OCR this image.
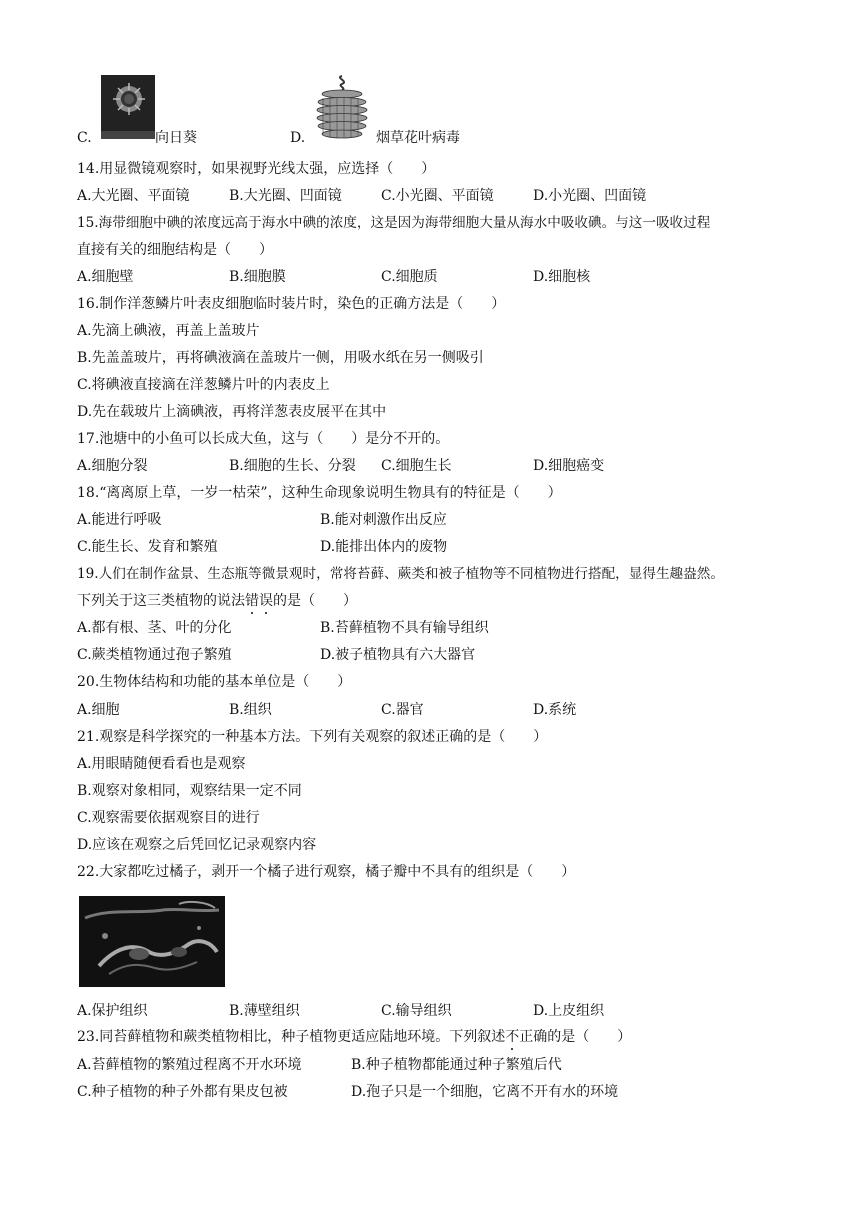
C.	向日葵	D.	烟草花叶病毒
14.用显微镜观察时，如果视野光线太强，应选择（　　）
A.大光圈、平面镜	B.大光圈、凹面镜	C.小光圈、平面镜	D.小光圈、凹面镜
15.海带细胞中碘的浓度远高于海水中碘的浓度，这是因为海带细胞大量从海水中吸收碘。与这一吸收过程
直接有关的细胞结构是（　　）
A.细胞壁	B.细胞膜	C.细胞质	D.细胞核
16.制作洋葱鳞片叶表皮细胞临时装片时，染色的正确方法是（　　）
A.先滴上碘液，再盖上盖玻片
B.先盖盖玻片，再将碘液滴在盖玻片一侧，用吸水纸在另一侧吸引
C.将碘液直接滴在洋葱鳞片叶的内表皮上
D.先在载玻片上滴碘液，再将洋葱表皮展平在其中
17.池塘中的小鱼可以长成大鱼，这与（　　）是分不开的。
A.细胞分裂	B.细胞的生长、分裂 C.细胞生长	D.细胞癌变
18.“离离原上草，一岁一枯荣”，这种生命现象说明生物具有的特征是（　　）
A.能进行呼吸	B.能对刺激作出反应
C.能生长、发育和繁殖	D.能排出体内的废物
19.人们在制作盆景、生态瓶等微景观时，常将苔藓、蕨类和被子植物等不同植物进行搭配，显得生趣盎然。
下列关于这三类植物的说法错误的是（　　）
A.都有根、茎、叶的分化	B.苔藓植物不具有输导组织
C.蕨类植物通过孢子繁殖	D.被子植物具有六大器官
20.生物体结构和功能的基本单位是（　　）
A.细胞	B.组织	C.器官	D.系统
21.观察是科学探究的一种基本方法。下列有关观察的叙述正确的是（　　）
A.用眼睛随便看看也是观察
B.观察对象相同，观察结果一定不同
C.观察需要依据观察目的进行
D.应该在观察之后凭回忆记录观察内容
22.大家都吃过橘子，剥开一个橘子进行观察，橘子瓣中不具有的组织是（　　）
A.保护组织	B.薄壁组织	C.输导组织	D.上皮组织
23.同苔藓植物和蕨类植物相比，种子植物更适应陆地环境。下列叙述不正确的是（　　）
A.苔藓植物的繁殖过程离不开水环境	B.种子植物都能通过种子繁殖后代
C.种子植物的种子外都有果皮包被	D.孢子只是一个细胞，它离不开有水的环境
